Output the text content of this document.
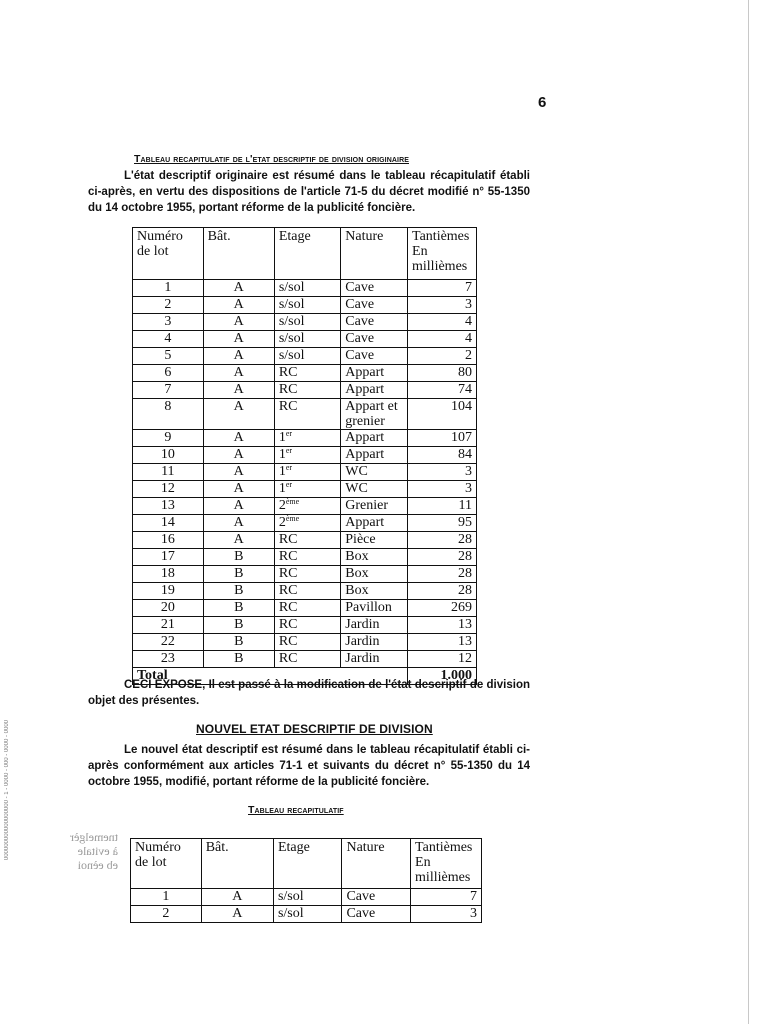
6
Tableau recapitulatif de l'etat descriptif de division originaire
L'état descriptif originaire est résumé dans le tableau récapitulatif établi ci-après, en vertu des dispositions de l'article 71-5 du décret modifié n° 55-1350 du 14 octobre 1955, portant réforme de la publicité foncière.
Numéro de lot	Bât.	Etage	Nature	Tantièmes En millièmes
1	A	s/sol	Cave	7
2	A	s/sol	Cave	3
3	A	s/sol	Cave	4
4	A	s/sol	Cave	4
5	A	s/sol	Cave	2
6	A	RC	Appart	80
7	A	RC	Appart	74
8	A	RC	Appart et grenier	104
9	A	1er	Appart	107
10	A	1er	Appart	84
11	A	1er	WC	3
12	A	1er	WC	3
13	A	2ème	Grenier	11
14	A	2ème	Appart	95
16	A	RC	Pièce	28
17	B	RC	Box	28
18	B	RC	Box	28
19	B	RC	Box	28
20	B	RC	Pavillon	269
21	B	RC	Jardin	13
22	B	RC	Jardin	13
23	B	RC	Jardin	12
Total				1.000
CECI EXPOSE, Il est passé à la modification de l'état descriptif de division objet des présentes.
NOUVEL ETAT DESCRIPTIF DE DIVISION
Le nouvel état descriptif est résumé dans le tableau récapitulatif établi ci-après conformément aux articles 71-1 et suivants du décret n° 55-1350 du 14 octobre 1955, modifié, portant réforme de la publicité foncière.
Tableau recapitulatif
Numéro de lot	Bât.	Etage	Nature	Tantièmes En millièmes
1	A	s/sol	Cave	7
2	A	s/sol	Cave	3
000000000000000000 - 1 - 0000 - 000 - 0000 - 0000	tnemelgèr
à evitale
eb eènoi
